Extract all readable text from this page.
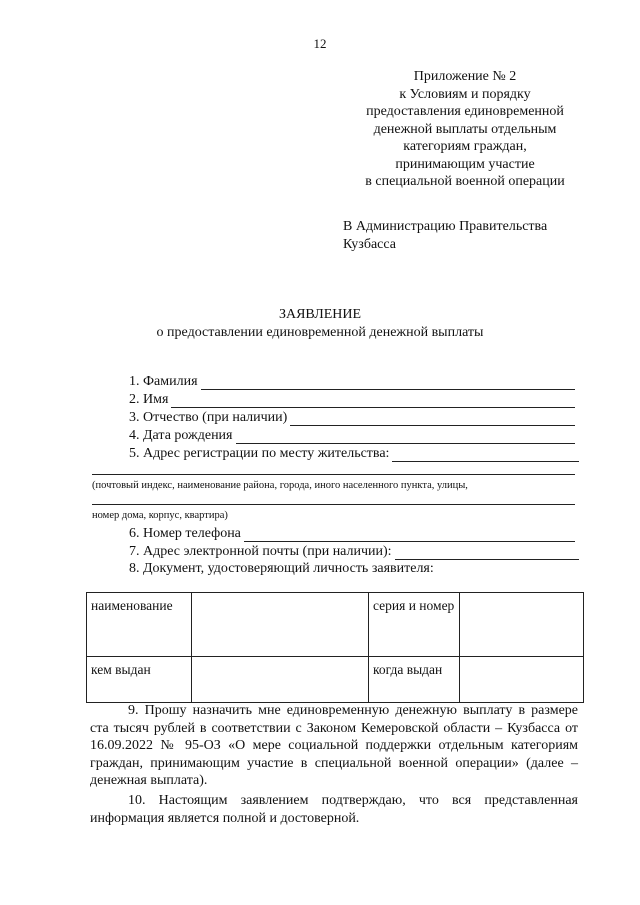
12
Приложение № 2
к Условиям и порядку
предоставления единовременной
денежной выплаты отдельным
категориям граждан,
принимающим участие
в специальной военной операции
В Администрацию Правительства
Кузбасса
ЗАЯВЛЕНИЕ
о предоставлении единовременной денежной выплаты
1. Фамилия
2. Имя
3. Отчество (при наличии)
4. Дата рождения
5. Адрес регистрации по месту жительства:
(почтовый индекс, наименование района, города, иного населенного пункта, улицы,
номер дома, корпус, квартира)
6. Номер телефона
7. Адрес электронной почты (при наличии):
8. Документ, удостоверяющий личность заявителя:
наименование		серия и номер	
кем выдан		когда выдан	

9. Прошу назначить мне единовременную денежную выплату в размере ста тысяч рублей в соответствии с Законом Кемеровской области – Кузбасса от 16.09.2022 № 95-ОЗ «О мере социальной поддержки отдельным категориям граждан, принимающим участие в специальной военной операции» (далее – денежная выплата).

10. Настоящим заявлением подтверждаю, что вся представленная информация является полной и достоверной.
